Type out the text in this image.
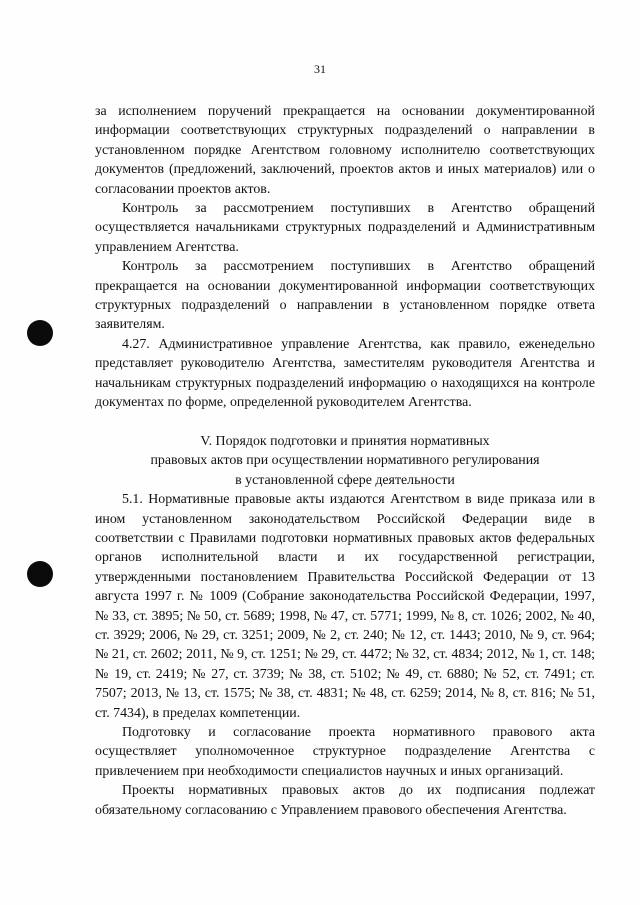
31

за исполнением поручений прекращается на основании документированной информации соответствующих структурных подразделений о направлении в установленном порядке Агентством головному исполнителю соответствующих документов (предложений, заключений, проектов актов и иных материалов) или о согласовании проектов актов.

Контроль за рассмотрением поступивших в Агентство обращений осуществляется начальниками структурных подразделений и Административным управлением Агентства.

Контроль за рассмотрением поступивших в Агентство обращений прекращается на основании документированной информации соответствующих структурных подразделений о направлении в установленном порядке ответа заявителям.

4.27. Административное управление Агентства, как правило, еженедельно представляет руководителю Агентства, заместителям руководителя Агентства и начальникам структурных подразделений информацию о находящихся на контроле документах по форме, определенной руководителем Агентства.

V. Порядок подготовки и принятия нормативных
правовых актов при осуществлении нормативного регулирования
в установленной сфере деятельности

5.1. Нормативные правовые акты издаются Агентством в виде приказа или в ином установленном законодательством Российской Федерации виде в соответствии с Правилами подготовки нормативных правовых актов федеральных органов исполнительной власти и их государственной регистрации, утвержденными постановлением Правительства Российской Федерации от 13 августа 1997 г. № 1009 (Собрание законодательства Российской Федерации, 1997, № 33, ст. 3895; № 50, ст. 5689; 1998, № 47, ст. 5771; 1999, № 8, ст. 1026; 2002, № 40, ст. 3929; 2006, № 29, ст. 3251; 2009, № 2, ст. 240; № 12, ст. 1443; 2010, № 9, ст. 964; № 21, ст. 2602; 2011, № 9, ст. 1251; № 29, ст. 4472; № 32, ст. 4834; 2012, № 1, ст. 148; № 19, ст. 2419; № 27, ст. 3739; № 38, ст. 5102; № 49, ст. 6880; № 52, ст. 7491; ст. 7507; 2013, № 13, ст. 1575; № 38, ст. 4831; № 48, ст. 6259; 2014, № 8, ст. 816; № 51, ст. 7434), в пределах компетенции.

Подготовку и согласование проекта нормативного правового акта осуществляет уполномоченное структурное подразделение Агентства с привлечением при необходимости специалистов научных и иных организаций.

Проекты нормативных правовых актов до их подписания подлежат обязательному согласованию с Управлением правового обеспечения Агентства.
